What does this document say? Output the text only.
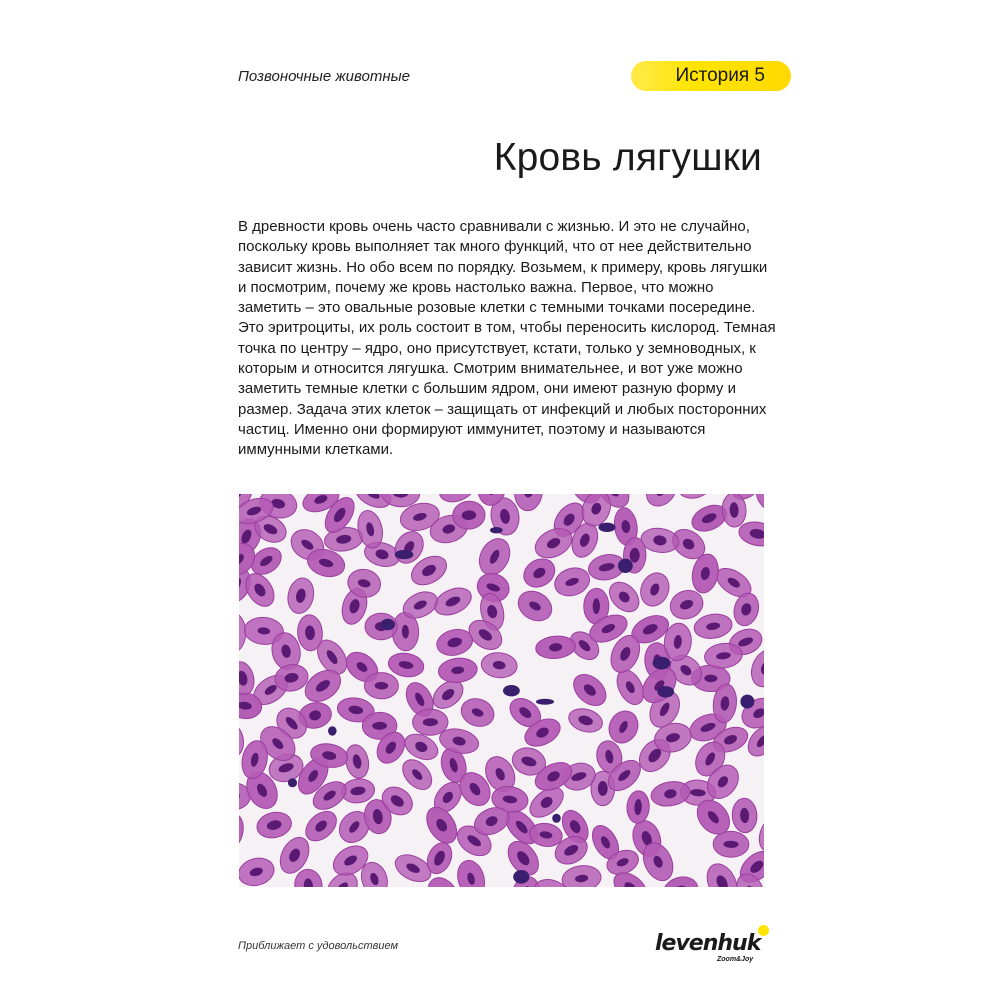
Позвоночные животные	История 5
Кровь лягушки

В древности кровь очень часто сравнивали с жизнью. И это не случайно, поскольку кровь выполняет так много функций, что от нее действительно зависит жизнь. Но обо всем по порядку. Возьмем, к примеру, кровь лягушки и посмотрим, почему же кровь настолько важна. Первое, что можно заметить – это овальные розовые клетки с темными точками посередине. Это эритроциты, их роль состоит в том, чтобы переносить кислород. Темная точка по центру – ядро, оно присутствует, кстати, только у земноводных, к которым и относится лягушка. Смотрим внимательнее, и вот уже можно заметить темные клетки с большим ядром, они имеют разную форму и размер. Задача этих клеток – защищать от инфекций и любых посторонних частиц. Именно они формируют иммунитет, поэтому и называются иммунными клетками.

Приближает с удовольствием	levenhuk
Zoom&Joy
